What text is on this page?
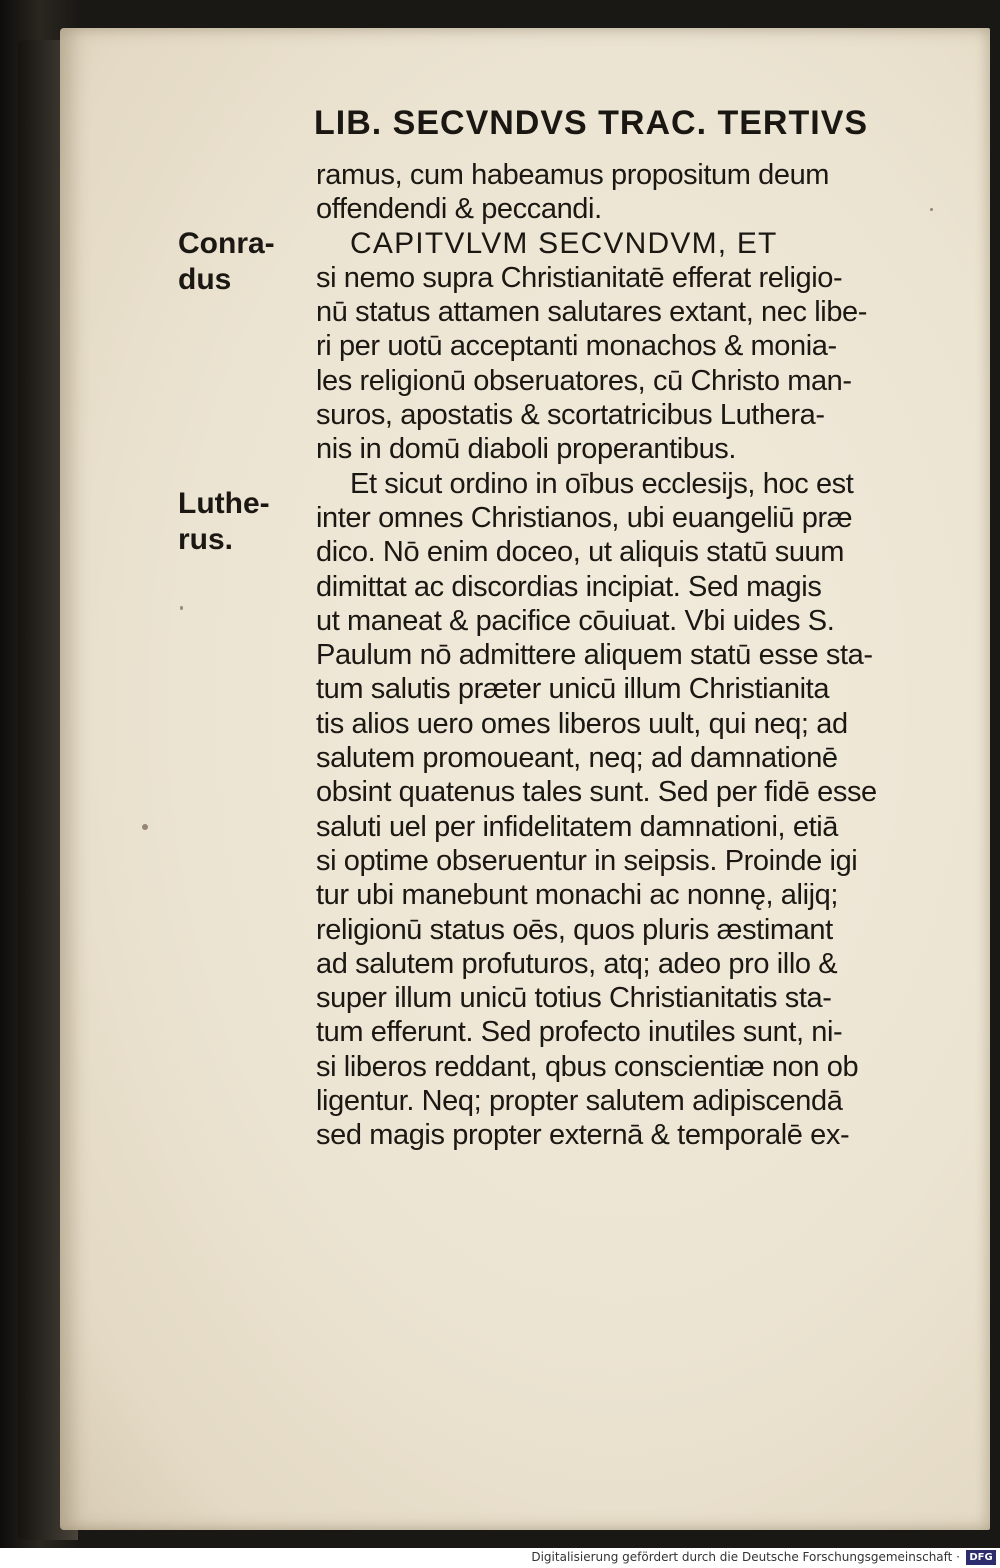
LIB. SECVNDVS TRAC. TERTIVS
Conra- dus
Luthe- rus.
ramus, cum habeamus propositum deum
offendendi & peccandi.
CAPITVLVM SECVNDVM, ET
si nemo supra Christianitatē efferat religio-
nū status attamen salutares extant, nec libe-
ri per uotū acceptanti monachos & monia-
les religionū obseruatores, cū Christo man-
suros, apostatis & scortatricibus Luthera-
nis in domū diaboli properantibus.
Et sicut ordino in oībus ecclesijs, hoc est
inter omnes Christianos, ubi euangeliū præ
dico. Nō enim doceo, ut aliquis statū suum
dimittat ac discordias incipiat. Sed magis
ut maneat & pacifice cōuiuat. Vbi uides S.
Paulum nō admittere aliquem statū esse sta-
tum salutis præter unicū illum Christianita
tis alios uero omes liberos uult, qui neq; ad
salutem promoueant, neq; ad damnationē
obsint quatenus tales sunt. Sed per fidē esse
saluti uel per infidelitatem damnationi, etiā
si optime obseruentur in seipsis. Proinde igi
tur ubi manebunt monachi ac nonnę, alijq;
religionū status oēs, quos pluris æstimant
ad salutem profuturos, atq; adeo pro illo &
super illum unicū totius Christianitatis sta-
tum efferunt. Sed profecto inutiles sunt, ni-
si liberos reddant, qbus conscientiæ non ob
ligentur. Neq; propter salutem adipiscendā
sed magis propter externā & temporalē ex-
Digitalisierung gefördert durch die Deutsche Forschungsgemeinschaft · DFG
